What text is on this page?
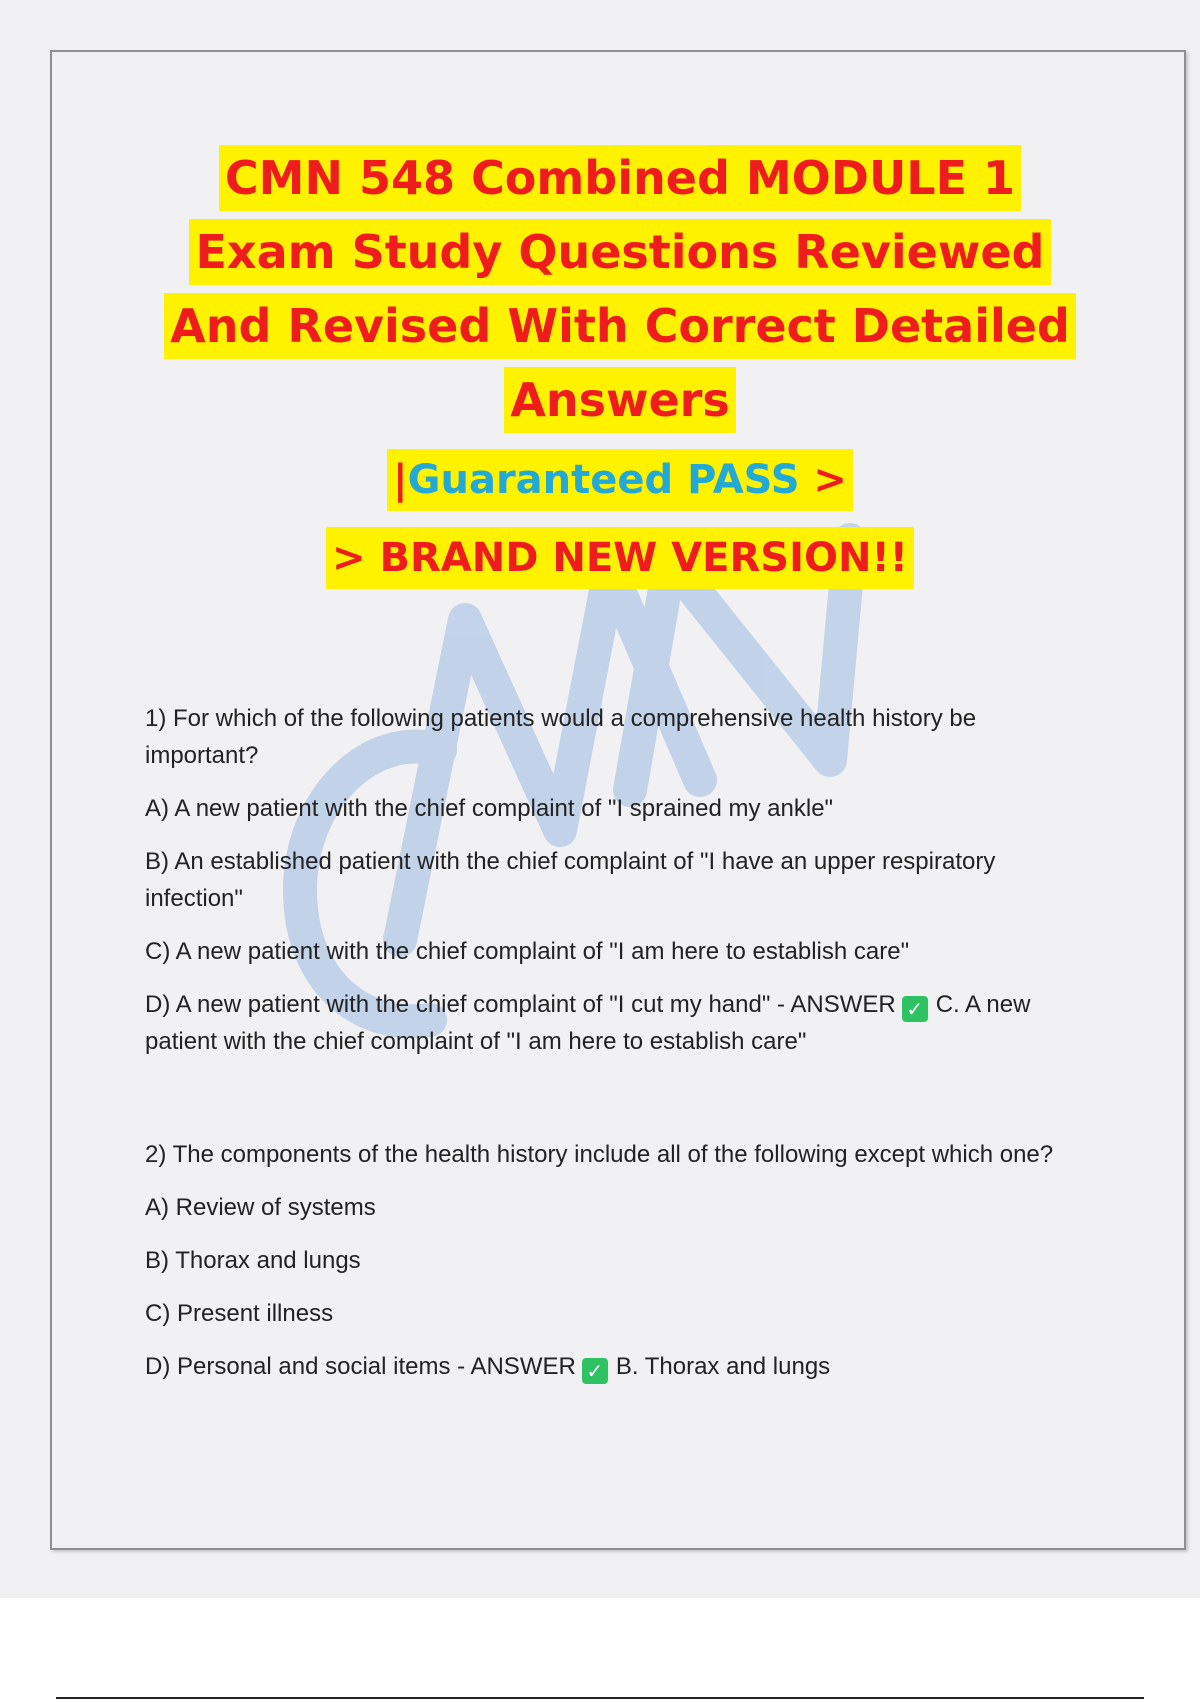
CMN 548 Combined MODULE 1
Exam Study Questions Reviewed
And Revised With Correct Detailed
Answers
|Guaranteed PASS >
> BRAND NEW VERSION!!

1) For which of the following patients would a comprehensive health history be important?

A) A new patient with the chief complaint of "I sprained my ankle"

B) An established patient with the chief complaint of "I have an upper respiratory infection"

C) A new patient with the chief complaint of "I am here to establish care"

D) A new patient with the chief complaint of "I cut my hand" - ANSWER ✓ C. A new patient with the chief complaint of "I am here to establish care"

2) The components of the health history include all of the following except which one?

A) Review of systems

B) Thorax and lungs

C) Present illness

D) Personal and social items - ANSWER ✓ B. Thorax and lungs
